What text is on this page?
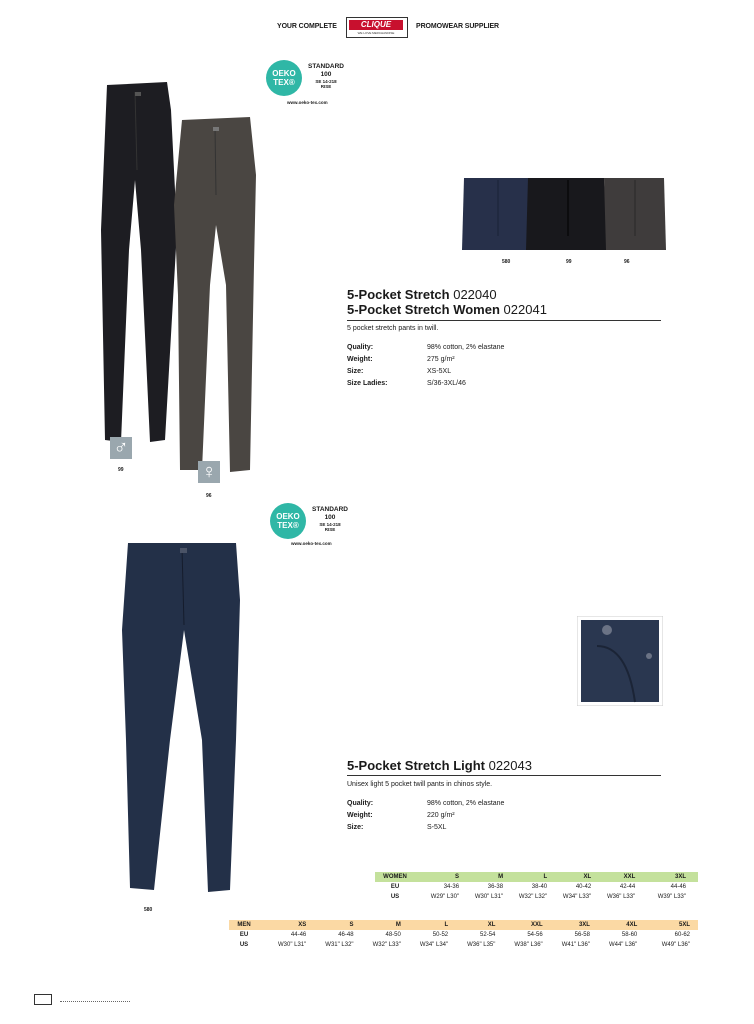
YOUR COMPLETE	CLIQUE
WE LOVE MERCHANDISE
PROMOWEAR SUPPLIER
OEKO
TEX®
STANDARD
100
SE 14-218
RISE
www.oeko-tex.com
♂
99	♀
96
580	99	96
5-Pocket Stretch 022040
5-Pocket Stretch Women 022041
5 pocket stretch pants in twill.
Quality:	98% cotton, 2% elastane
Weight:	275 g/m²
Size:	XS-5XL
Size Ladies:	S/36-3XL/46
OEKO
TEX®
STANDARD
100
SE 14-218
RISE
www.oeko-tex.com
580
5-Pocket Stretch Light 022043
Unisex light 5 pocket twill pants in chinos style.
Quality:	98% cotton, 2% elastane
Weight:	220 g/m²
Size:	S-5XL
WOMEN	S	M	L	XL	XXL	3XL
EU	34-36	36-38	38-40	40-42	42-44	44-46
US	W29" L30"	W30" L31"	W32" L32"	W34" L33"	W36" L33"	W39" L33"
MEN	XS	S	M	L	XL	XXL	3XL	4XL	5XL
EU	44-46	46-48	48-50	50-52	52-54	54-56	56-58	58-60	60-62
US	W30" L31"	W31" L32"	W32" L33"	W34" L34"	W36" L35"	W38" L36"	W41" L36"	W44" L36"	W49" L36"
